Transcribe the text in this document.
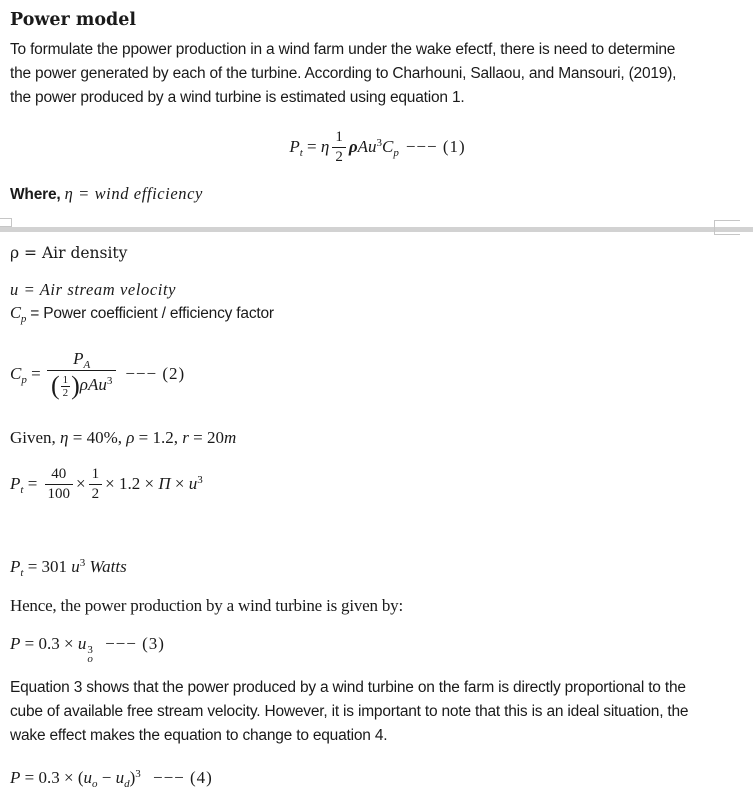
Power model
To formulate the ppower production in a wind farm under the wake efectf, there is need to determine
the power generated by each of the turbine. According to Charhouni, Sallaou, and Mansouri, (2019),
the power produced by a wind turbine is estimated using equation 1.
$P_t = \eta \frac{1}{2} \rho Au^3C_p$ −−− (1)
Where, η = wind efficiency
ρ = Air density
u = Air stream velocity
$C_p$ = Power coefficient / efficiency factor
$C_p$ =
$P_A$
( $\frac{1}{2} )\rho Au^3$ −−− (2)
Given, η = 40%, ρ = 1.2, r = 20m
$P_t = \frac{40}{100} \times \frac{1}{2} \times 1.2 \times \Pi \times u^3$
$P_t = 301$ $u^3$ Watts
Hence, the power production by a wind turbine is given by:
P = 0.3 × u 3
o
−−− (3)
Equation 3 shows that the power produced by a wind turbine on the farm is directly proportional to the
cube of available free stream velocity. However, it is important to note that this is an ideal situation, the
wake effect makes the equation to change to equation 4.
$P = 0.3 \times (u_o - u_d)^3$ −−− (4)
